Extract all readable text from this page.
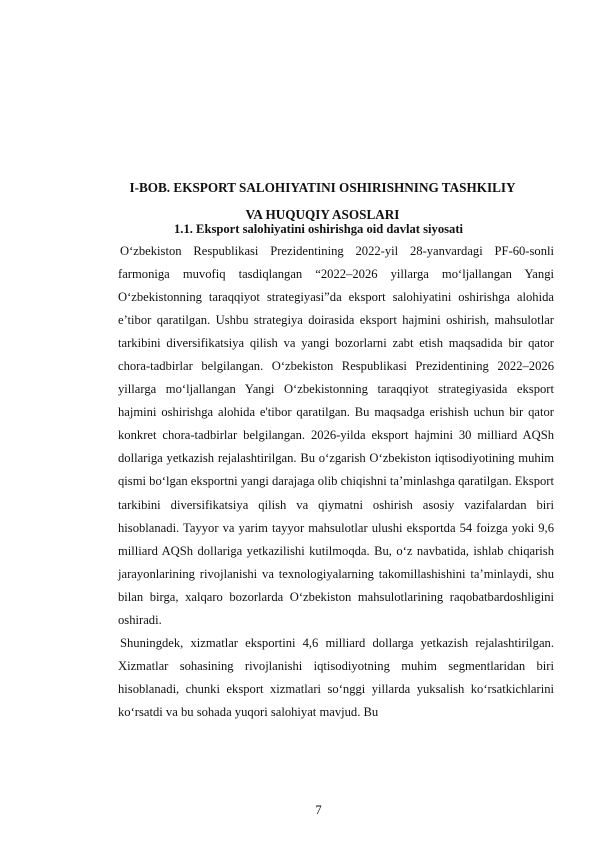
I-BOB. EKSPORT SALOHIYATINI OSHIRISHNING TASHKILIY
VA HUQUQIY ASOSLARI
1.1. Eksport salohiyatini oshirishga oid davlat siyosati

O‘zbekiston Respublikasi Prezidentining 2022-yil 28-yanvardagi PF-60-sonli farmoniga muvofiq tasdiqlangan “2022–2026 yillarga mo‘ljallangan Yangi O‘zbekistonning taraqqiyot strategiyasi”da eksport salohiyatini oshirishga alohida e’tibor qaratilgan. Ushbu strategiya doirasida eksport hajmini oshirish, mahsulotlar tarkibini diversifikatsiya qilish va yangi bozorlarni zabt etish maqsadida bir qator chora-tadbirlar belgilangan. O‘zbekiston Respublikasi Prezidentining 2022–2026 yillarga mo‘ljallangan Yangi O‘zbekistonning taraqqiyot strategiyasida eksport hajmini oshirishga alohida e'tibor qaratilgan. Bu maqsadga erishish uchun bir qator konkret chora-tadbirlar belgilangan. 2026-yilda eksport hajmini 30 milliard AQSh dollariga yetkazish rejalashtirilgan. Bu o‘zgarish O‘zbekiston iqtisodiyotining muhim qismi bo‘lgan eksportni yangi darajaga olib chiqishni ta’minlashga qaratilgan. Eksport tarkibini diversifikatsiya qilish va qiymatni oshirish asosiy vazifalardan biri hisoblanadi. Tayyor va yarim tayyor mahsulotlar ulushi eksportda 54 foizga yoki 9,6 milliard AQSh dollariga yetkazilishi kutilmoqda. Bu, o‘z navbatida, ishlab chiqarish jarayonlarining rivojlanishi va texnologiyalarning takomillashishini ta’minlaydi, shu bilan birga, xalqaro bozorlarda O‘zbekiston mahsulotlarining raqobatbardoshligini oshiradi.

Shuningdek, xizmatlar eksportini 4,6 milliard dollarga yetkazish rejalashtirilgan. Xizmatlar sohasining rivojlanishi iqtisodiyotning muhim segmentlaridan biri hisoblanadi, chunki eksport xizmatlari so‘nggi yillarda yuksalish ko‘rsatkichlarini ko‘rsatdi va bu sohada yuqori salohiyat mavjud. Bu

7
